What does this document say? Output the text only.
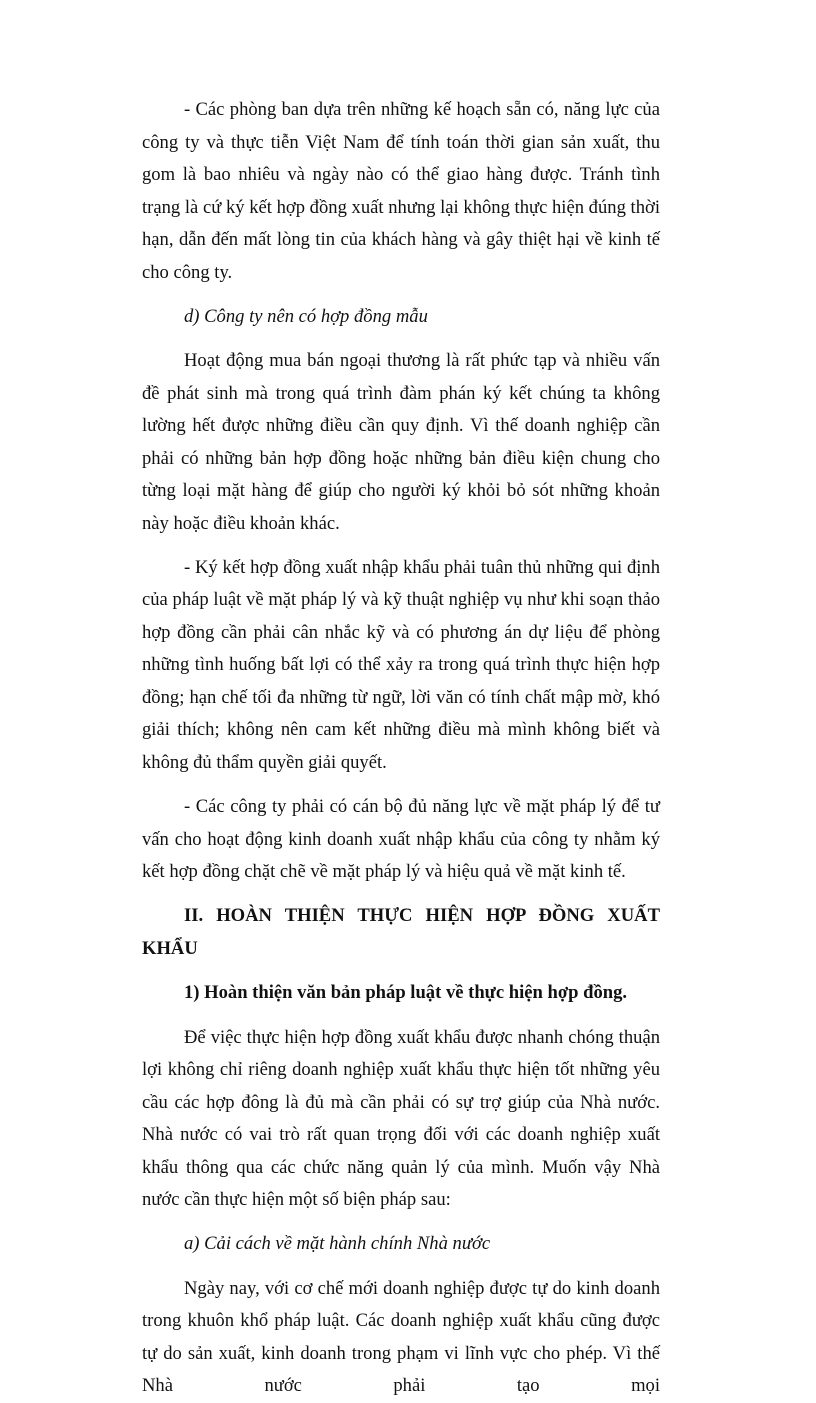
- Các phòng ban dựa trên những kế hoạch sẵn có, năng lực của công ty và thực tiễn Việt Nam để tính toán thời gian sản xuất, thu gom là bao nhiêu và ngày nào có thể giao hàng được. Tránh tình trạng là cứ ký kết hợp đồng xuất nhưng lại không thực hiện đúng thời hạn, dẫn đến mất lòng tin của khách hàng và gây thiệt hại về kinh tế cho công ty.

d) Công ty nên có hợp đồng mẫu

Hoạt động mua bán ngoại thương là rất phức tạp và nhiều vấn đề phát sinh mà trong quá trình đàm phán ký kết chúng ta không lường hết được những điều cần quy định. Vì thế doanh nghiệp cần phải có những bản hợp đồng hoặc những bản điều kiện chung cho từng loại mặt hàng để giúp cho người ký khỏi bỏ sót những khoản này hoặc điều khoản khác.

- Ký kết hợp đồng xuất nhập khẩu phải tuân thủ những qui định của pháp luật về mặt pháp lý và kỹ thuật nghiệp vụ như khi soạn thảo hợp đồng cần phải cân nhắc kỹ và có phương án dự liệu để phòng những tình huống bất lợi có thể xảy ra trong quá trình thực hiện hợp đồng; hạn chế tối đa những từ ngữ, lời văn có tính chất mập mờ, khó giải thích; không nên cam kết những điều mà mình không biết và không đủ thẩm quyền giải quyết.

- Các công ty phải có cán bộ đủ năng lực về mặt pháp lý để tư vấn cho hoạt động kinh doanh xuất nhập khẩu của công ty nhằm ký kết hợp đồng chặt chẽ về mặt pháp lý và hiệu quả về mặt kinh tế.

II. HOÀN THIỆN THỰC HIỆN HỢP ĐỒNG XUẤT KHẨU

1) Hoàn thiện văn bản pháp luật về thực hiện hợp đồng.

Để việc thực hiện hợp đồng xuất khẩu được nhanh chóng thuận lợi không chỉ riêng doanh nghiệp xuất khẩu thực hiện tốt những yêu cầu các hợp đông là đủ mà cần phải có sự trợ giúp của Nhà nước. Nhà nước có vai trò rất quan trọng đối với các doanh nghiệp xuất khẩu thông qua các chức năng quản lý của mình. Muốn vậy Nhà nước cần thực hiện một số biện pháp sau:

a) Cải cách về mặt hành chính Nhà nước

Ngày nay, với cơ chế mới doanh nghiệp được tự do kinh doanh trong khuôn khổ pháp luật. Các doanh nghiệp xuất khẩu cũng được tự do sản xuất, kinh doanh trong phạm vi lĩnh vực cho phép. Vì thế Nhà nước phải tạo mọi
